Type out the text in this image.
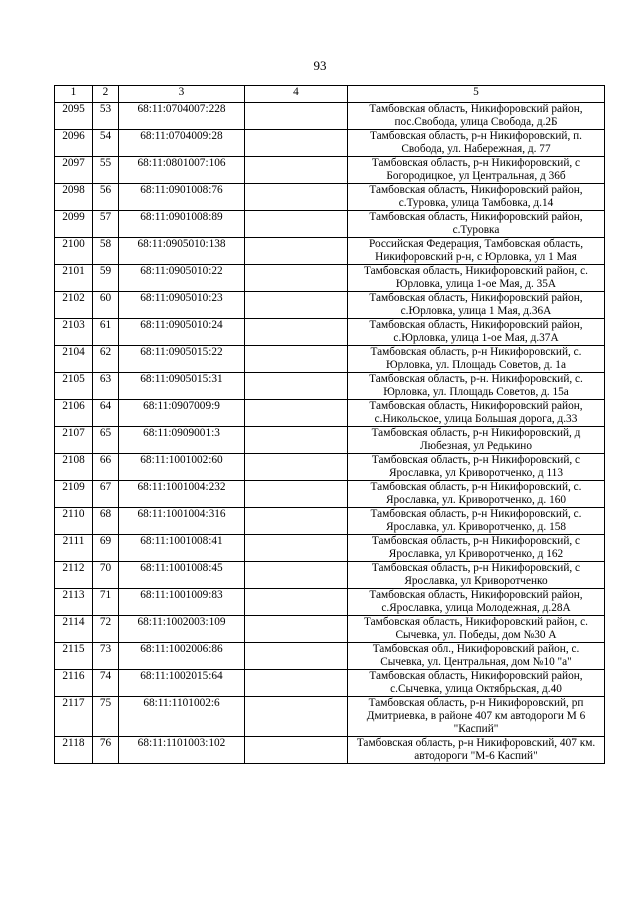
93
1	2	3	4	5
2095	53	68:11:0704007:228		Тамбовская область, Никифоровский район, пос.Свобода, улица Свобода, д.2Б
2096	54	68:11:0704009:28		Тамбовская область, р-н Никифоровский, п. Свобода, ул. Набережная, д. 77
2097	55	68:11:0801007:106		Тамбовская область, р-н Никифоровский, с Богородицкое, ул Центральная, д 36б
2098	56	68:11:0901008:76		Тамбовская область, Никифоровский район, с.Туровка, улица Тамбовка, д.14
2099	57	68:11:0901008:89		Тамбовская область, Никифоровский район, с.Туровка
2100	58	68:11:0905010:138		Российская Федерация, Тамбовская область, Никифоровский р-н, с Юрловка, ул 1 Мая
2101	59	68:11:0905010:22		Тамбовская область, Никифоровский район, с. Юрловка, улица 1-ое Мая, д. 35А
2102	60	68:11:0905010:23		Тамбовская область, Никифоровский район, с.Юрловка, улица 1 Мая, д.36А
2103	61	68:11:0905010:24		Тамбовская область, Никифоровский район, с.Юрловка, улица 1-ое Мая, д.37А
2104	62	68:11:0905015:22		Тамбовская область, р-н Никифоровский, с. Юрловка, ул. Площадь Советов, д. 1а
2105	63	68:11:0905015:31		Тамбовская область, р-н. Никифоровский, с. Юрловка, ул. Площадь Советов, д. 15а
2106	64	68:11:0907009:9		Тамбовская область, Никифоровский район, с.Никольское, улица Большая дорога, д.33
2107	65	68:11:0909001:3		Тамбовская область, р-н Никифоровский, д Любезная, ул Редькино
2108	66	68:11:1001002:60		Тамбовская область, р-н Никифоровский, с Ярославка, ул Криворотченко, д 113
2109	67	68:11:1001004:232		Тамбовская область, р-н Никифоровский, с. Ярославка, ул. Криворотченко, д. 160
2110	68	68:11:1001004:316		Тамбовская область, р-н Никифоровский, с. Ярославка, ул. Криворотченко, д. 158
2111	69	68:11:1001008:41		Тамбовская область, р-н Никифоровский, с Ярославка, ул Криворотченко, д 162
2112	70	68:11:1001008:45		Тамбовская область, р-н Никифоровский, с Ярославка, ул Криворотченко
2113	71	68:11:1001009:83		Тамбовская область, Никифоровский район, с.Ярославка, улица Молодежная, д.28А
2114	72	68:11:1002003:109		Тамбовская область, Никифоровский район, с. Сычевка, ул. Победы, дом №30 А
2115	73	68:11:1002006:86		Тамбовская обл., Никифоровский район, с. Сычевка, ул. Центральная, дом №10 "а"
2116	74	68:11:1002015:64		Тамбовская область, Никифоровский район, с.Сычевка, улица Октябрьская, д.40
2117	75	68:11:1101002:6		Тамбовская область, р-н Никифоровский, рп Дмитриевка, в районе 407 км автодороги М 6 "Каспий"
2118	76	68:11:1101003:102		Тамбовская область, р-н Никифоровский, 407 км. автодороги "М-6 Каспий"
